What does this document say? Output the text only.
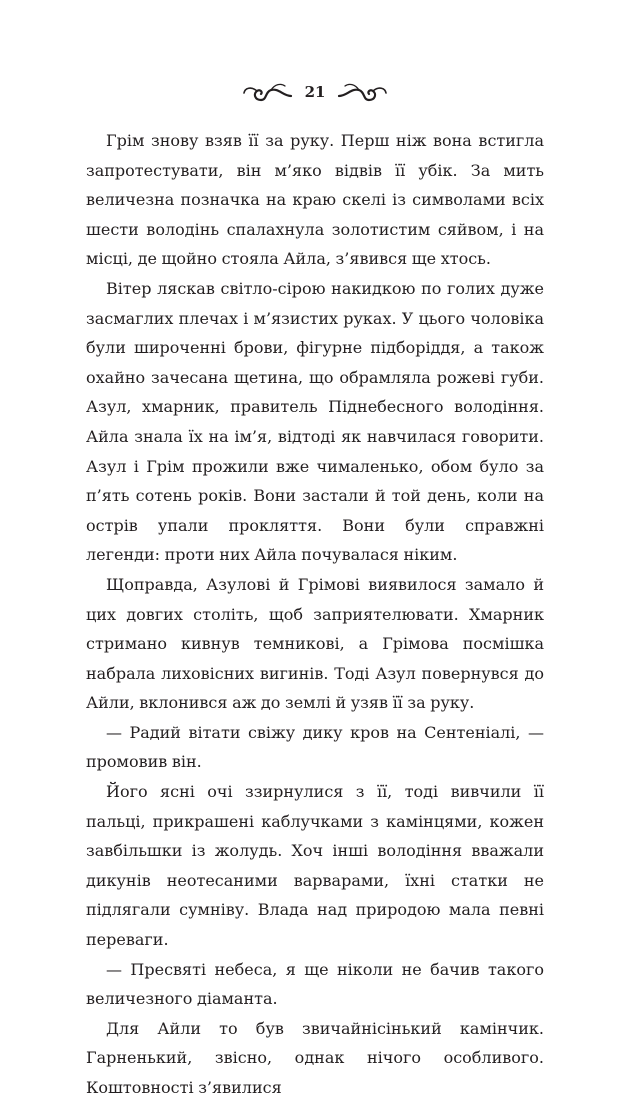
21

Грім знову взяв її за руку. Перш ніж вона встигла запротестувати, він м’яко відвів її убік. За мить величезна позначка на краю скелі із символами всіх шести володінь спалахнула золотистим сяйвом, і на місці, де щойно стояла Айла, з’явився ще хтось.

Вітер ляскав світло-сірою накидкою по голих дуже засмаглих плечах і м’язистих руках. У цього чоловіка були широченні брови, фігурне підборіддя, а також охайно зачесана щетина, що обрамляла рожеві губи. Азул, хмарник, правитель Піднебесного володіння. Айла знала їх на ім’я, відтоді як навчилася говорити. Азул і Грім прожили вже чималенько, обом було за п’ять сотень років. Вони застали й той день, коли на острів упали прокляття. Вони були справжні легенди: проти них Айла почувалася ніким.

Щоправда, Азулові й Грімові виявилося замало й цих довгих століть, щоб заприятелювати. Хмарник стримано кивнув темникові, а Грімова посмішка набрала лиховісних вигинів. Тоді Азул повернувся до Айли, вклонився аж до землі й узяв її за руку.

— Радий вітати свіжу дику кров на Сентеніалі, — промовив він.

Його ясні очі ззирнулися з її, тоді вивчили її пальці, прикрашені каблучками з камінцями, кожен завбільшки із жолудь. Хоч інші володіння вважали дикунів неотесаними варварами, їхні статки не підлягали сумніву. Влада над природою мала певні переваги.

— Пресвяті небеса, я ще ніколи не бачив такого величезного діаманта.

Для Айли то був звичайнісінький камінчик. Гарненький, звісно, однак нічого особливого. Коштовності з’явилися
